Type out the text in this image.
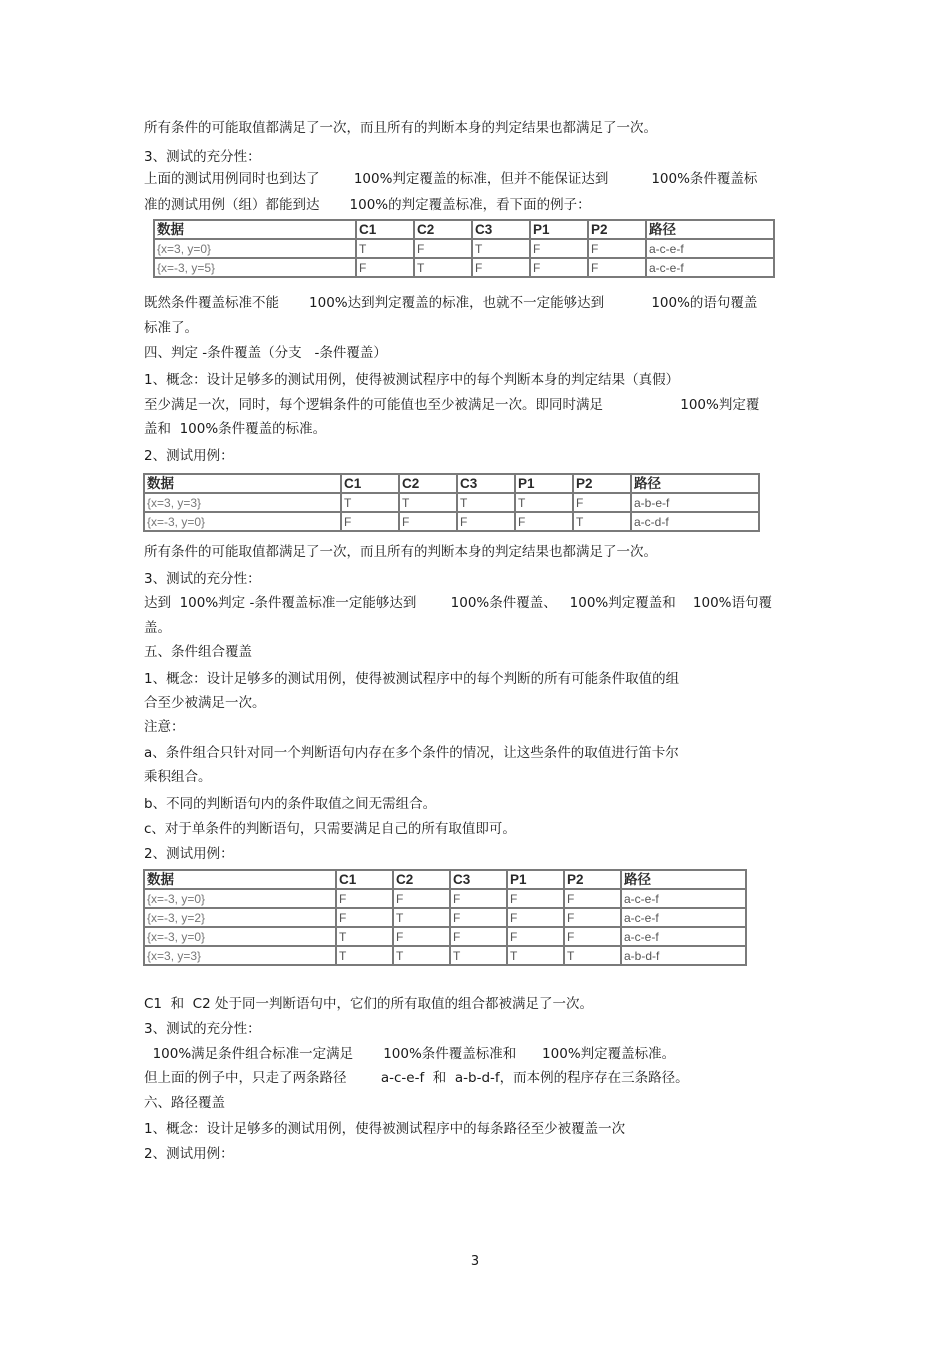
所有条件的可能取值都满足了一次，而且所有的判断本身的判定结果也都满足了一次。
3、测试的充分性：
上面的测试用例同时也到达了        100%判定覆盖的标准，但并不能保证达到          100%条件覆盖标
准的测试用例（组）都能到达       100%的判定覆盖标准，看下面的例子：
数据	C1	C2	C3	P1	P2	路径
{x=3, y=0}	T	F	T	F	F	a-c-e-f
{x=-3, y=5}	F	T	F	F	F	a-c-e-f
既然条件覆盖标准不能       100%达到判定覆盖的标准，也就不一定能够达到           100%的语句覆盖
标准了。
四、判定 -条件覆盖（分支   -条件覆盖）
1、概念：设计足够多的测试用例，使得被测试程序中的每个判断本身的判定结果（真假）
至少满足一次，同时，每个逻辑条件的可能值也至少被满足一次。即同时满足                  100%判定覆
盖和  100%条件覆盖的标准。
2、测试用例：
数据	C1	C2	C3	P1	P2	路径
{x=3, y=3}	T	T	T	T	F	a-b-e-f
{x=-3, y=0}	F	F	F	F	T	a-c-d-f
所有条件的可能取值都满足了一次，而且所有的判断本身的判定结果也都满足了一次。
3、测试的充分性：
达到  100%判定 -条件覆盖标准一定能够达到        100%条件覆盖、   100%判定覆盖和    100%语句覆
盖。
五、条件组合覆盖
1、概念：设计足够多的测试用例，使得被测试程序中的每个判断的所有可能条件取值的组
合至少被满足一次。
注意：
a、条件组合只针对同一个判断语句内存在多个条件的情况，让这些条件的取值进行笛卡尔
乘积组合。
b、不同的判断语句内的条件取值之间无需组合。
c、对于单条件的判断语句，只需要满足自己的所有取值即可。
2、测试用例：
数据	C1	C2	C3	P1	P2	路径
{x=-3, y=0}	F	F	F	F	F	a-c-e-f
{x=-3, y=2}	F	T	F	F	F	a-c-e-f
{x=-3, y=0}	T	F	F	F	F	a-c-e-f
{x=3, y=3}	T	T	T	T	T	a-b-d-f
C1  和  C2 处于同一判断语句中，它们的所有取值的组合都被满足了一次。
3、测试的充分性：
100%满足条件组合标准一定满足       100%条件覆盖标准和      100%判定覆盖标准。
但上面的例子中，只走了两条路径        a-c-e-f  和  a-b-d-f，而本例的程序存在三条路径。
六、路径覆盖
1、概念：设计足够多的测试用例，使得被测试程序中的每条路径至少被覆盖一次
2、测试用例：
3
